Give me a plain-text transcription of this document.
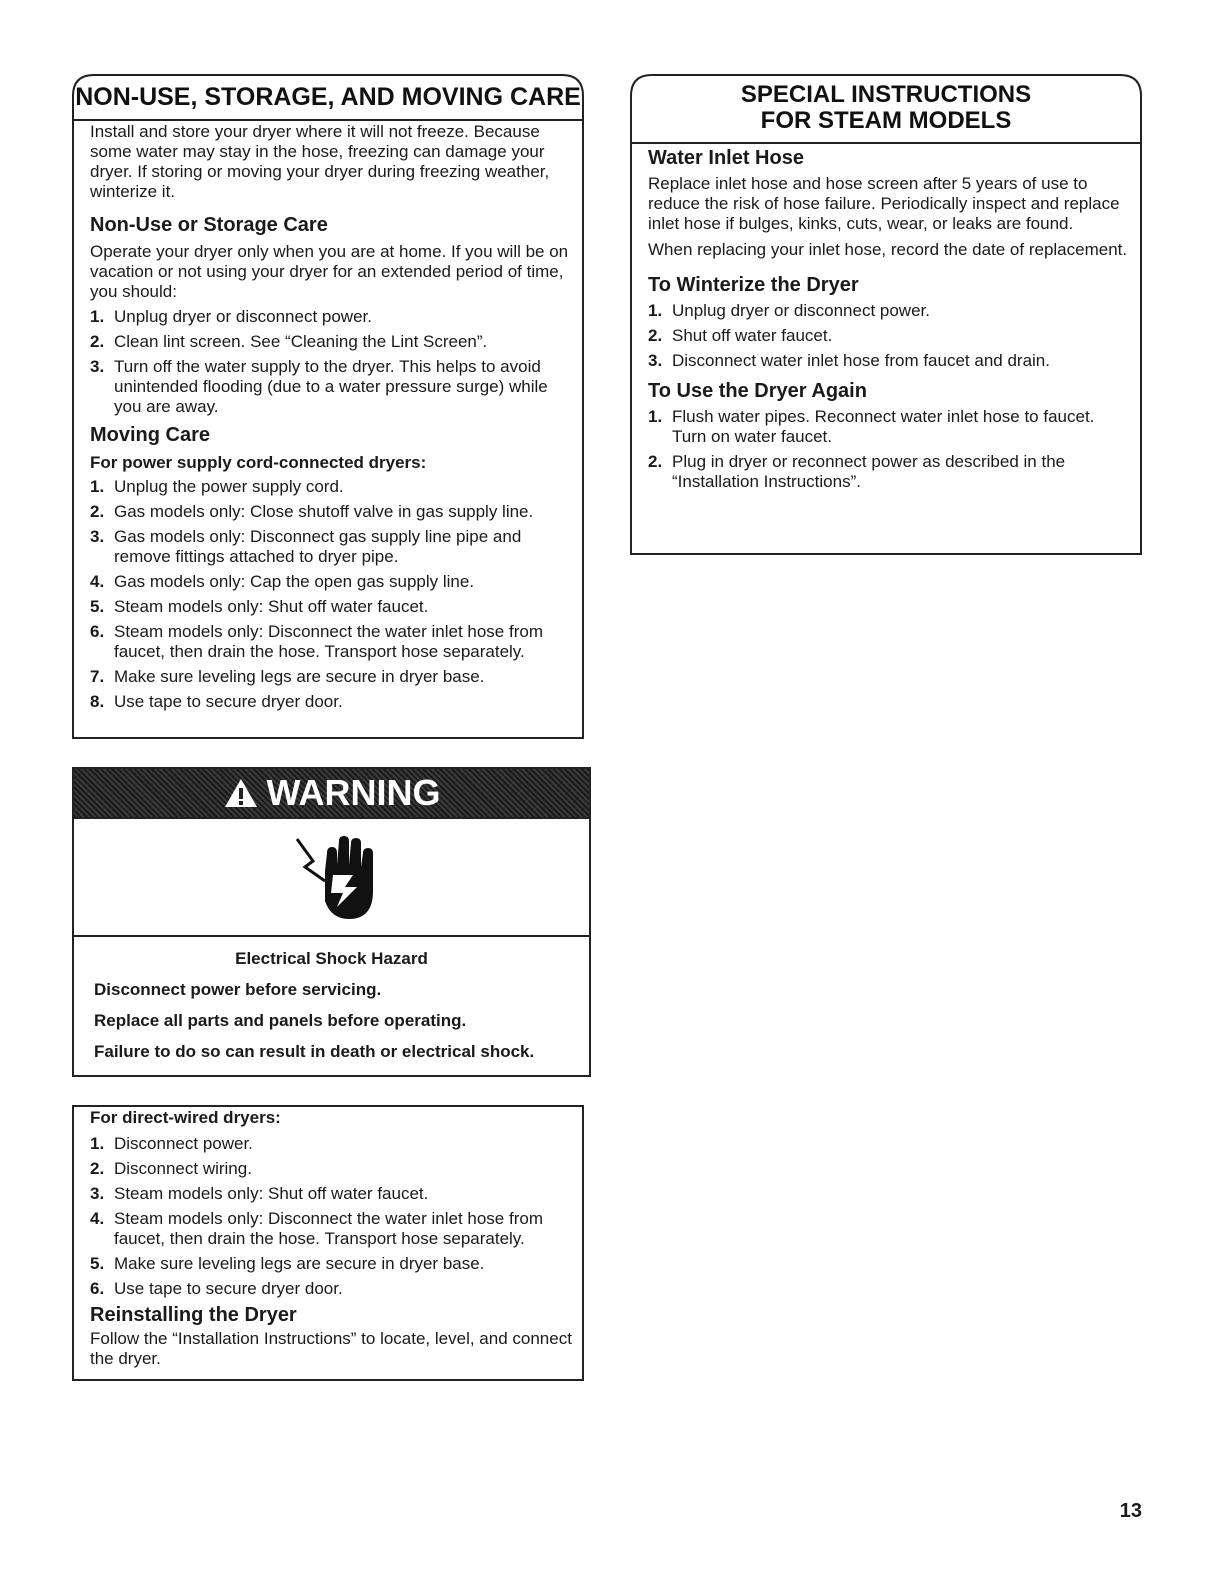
NON-USE, STORAGE, AND MOVING CARE

Install and store your dryer where it will not freeze. Because some water may stay in the hose, freezing can damage your dryer. If storing or moving your dryer during freezing weather, winterize it.

Non-Use or Storage Care

Operate your dryer only when you are at home. If you will be on vacation or not using your dryer for an extended period of time, you should:

1. Unplug dryer or disconnect power.
2. Clean lint screen. See “Cleaning the Lint Screen”.
3. Turn off the water supply to the dryer. This helps to avoid unintended flooding (due to a water pressure surge) while you are away.

Moving Care

For power supply cord-connected dryers:

1. Unplug the power supply cord.
2. Gas models only: Close shutoff valve in gas supply line.
3. Gas models only: Disconnect gas supply line pipe and remove fittings attached to dryer pipe.
4. Gas models only: Cap the open gas supply line.
5. Steam models only: Shut off water faucet.
6. Steam models only: Disconnect the water inlet hose from faucet, then drain the hose. Transport hose separately.
7. Make sure leveling legs are secure in dryer base.
8. Use tape to secure dryer door.
WARNING

Electrical Shock Hazard

Disconnect power before servicing.

Replace all parts and panels before operating.

Failure to do so can result in death or electrical shock.

For direct-wired dryers:

1. Disconnect power.
2. Disconnect wiring.
3. Steam models only: Shut off water faucet.
4. Steam models only: Disconnect the water inlet hose from faucet, then drain the hose. Transport hose separately.
5. Make sure leveling legs are secure in dryer base.
6. Use tape to secure dryer door.

Reinstalling the Dryer

Follow the “Installation Instructions” to locate, level, and connect the dryer.

SPECIAL INSTRUCTIONS
FOR STEAM MODELS

Water Inlet Hose

Replace inlet hose and hose screen after 5 years of use to reduce the risk of hose failure. Periodically inspect and replace inlet hose if bulges, kinks, cuts, wear, or leaks are found.

When replacing your inlet hose, record the date of replacement.

To Winterize the Dryer

1. Unplug dryer or disconnect power.
2. Shut off water faucet.
3. Disconnect water inlet hose from faucet and drain.

To Use the Dryer Again

1. Flush water pipes. Reconnect water inlet hose to faucet. Turn on water faucet.
2. Plug in dryer or reconnect power as described in the “Installation Instructions”.
13
